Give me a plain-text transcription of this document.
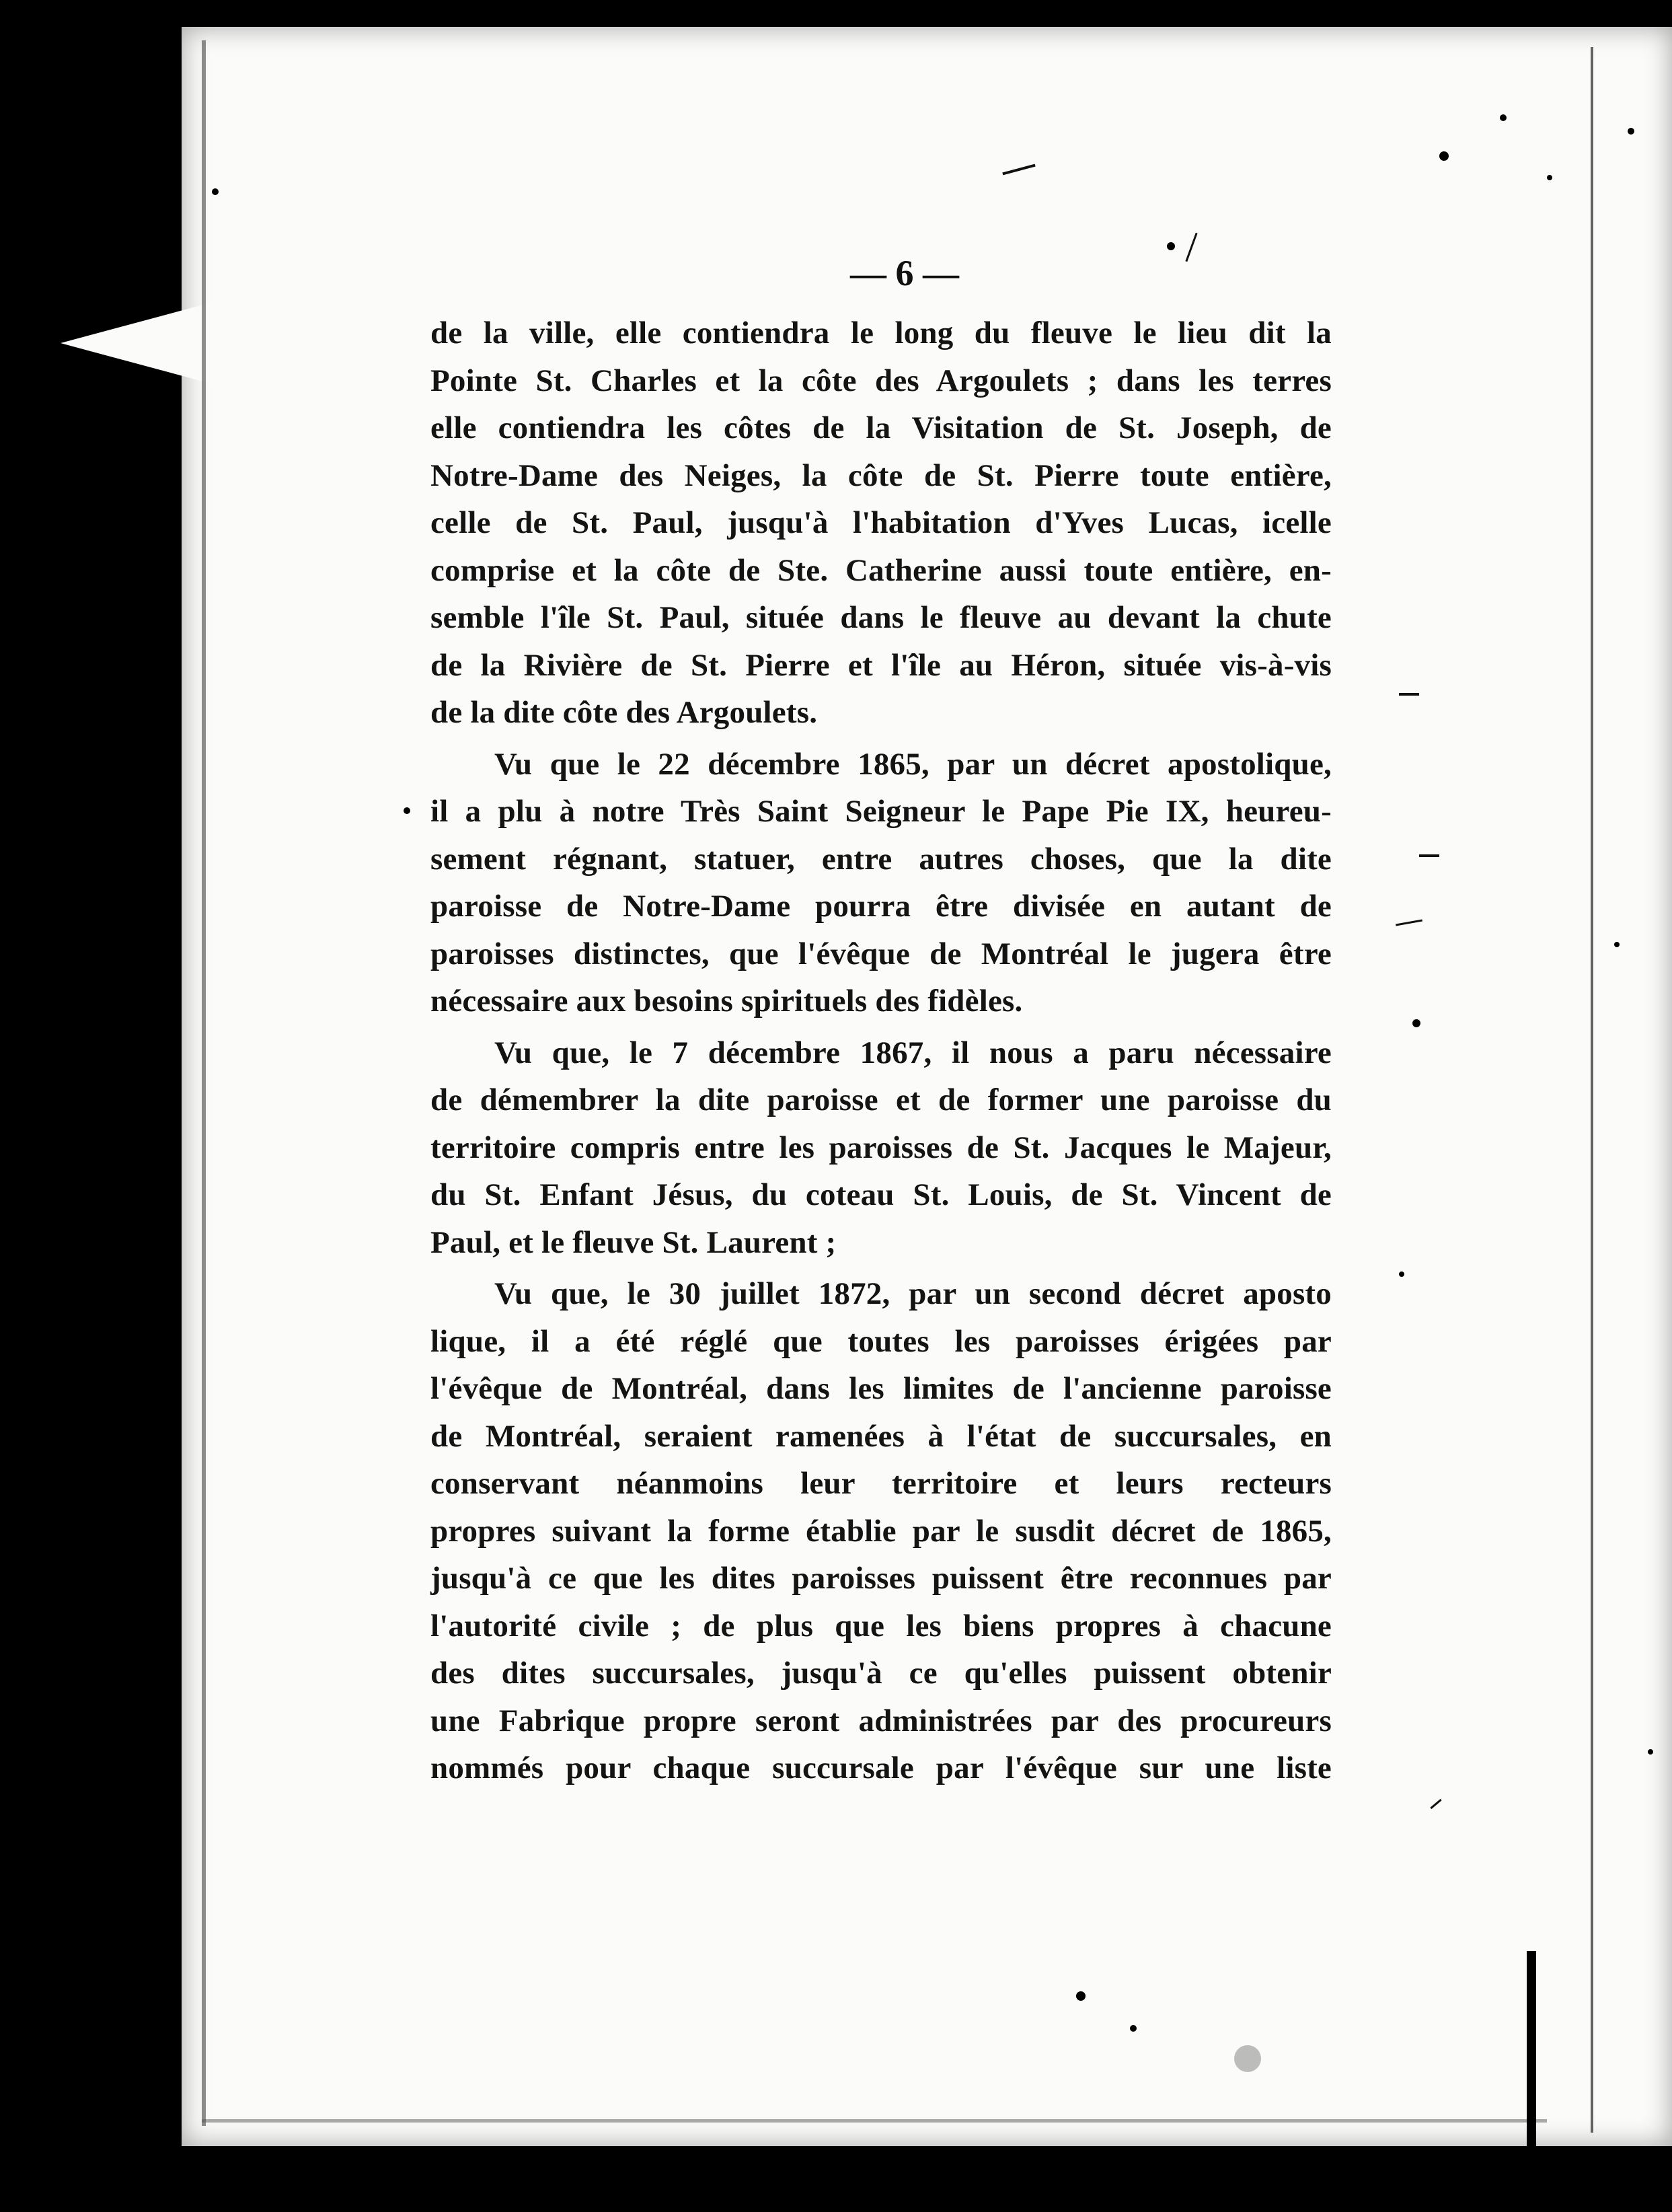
— 6 —
de la ville, elle contiendra le long du fleuve le lieu dit la
Pointe St. Charles et la côte des Argoulets ; dans les terres
elle contiendra les côtes de la Visitation de St. Joseph, de
Notre-Dame des Neiges, la côte de St. Pierre toute entière,
celle de St. Paul, jusqu'à l'habitation d'Yves Lucas, icelle
comprise et la côte de Ste. Catherine aussi toute entière, en-
semble l'île St. Paul, située dans le fleuve au devant la chute
de la Rivière de St. Pierre et l'île au Héron, située vis-à-vis
de la dite côte des Argoulets.
Vu que le 22 décembre 1865, par un décret apostolique,
il a plu à notre Très Saint Seigneur le Pape Pie IX, heureu-
sement régnant, statuer, entre autres choses, que la dite
paroisse de Notre-Dame pourra être divisée en autant de
paroisses distinctes, que l'évêque de Montréal le jugera être
nécessaire aux besoins spirituels des fidèles.
Vu que, le 7 décembre 1867, il nous a paru nécessaire
de démembrer la dite paroisse et de former une paroisse du
territoire compris entre les paroisses de St. Jacques le Majeur,
du St. Enfant Jésus, du coteau St. Louis, de St. Vincent de
Paul, et le fleuve St. Laurent ;
Vu que, le 30 juillet 1872, par un second décret aposto
lique, il a été réglé que toutes les paroisses érigées par
l'évêque de Montréal, dans les limites de l'ancienne paroisse
de Montréal, seraient ramenées à l'état de succursales, en
conservant néanmoins leur territoire et leurs recteurs
propres suivant la forme établie par le susdit décret de 1865,
jusqu'à ce que les dites paroisses puissent être reconnues par
l'autorité civile ; de plus que les biens propres à chacune
des dites succursales, jusqu'à ce qu'elles puissent obtenir
une Fabrique propre seront administrées par des procureurs
nommés pour chaque succursale par l'évêque sur une liste
